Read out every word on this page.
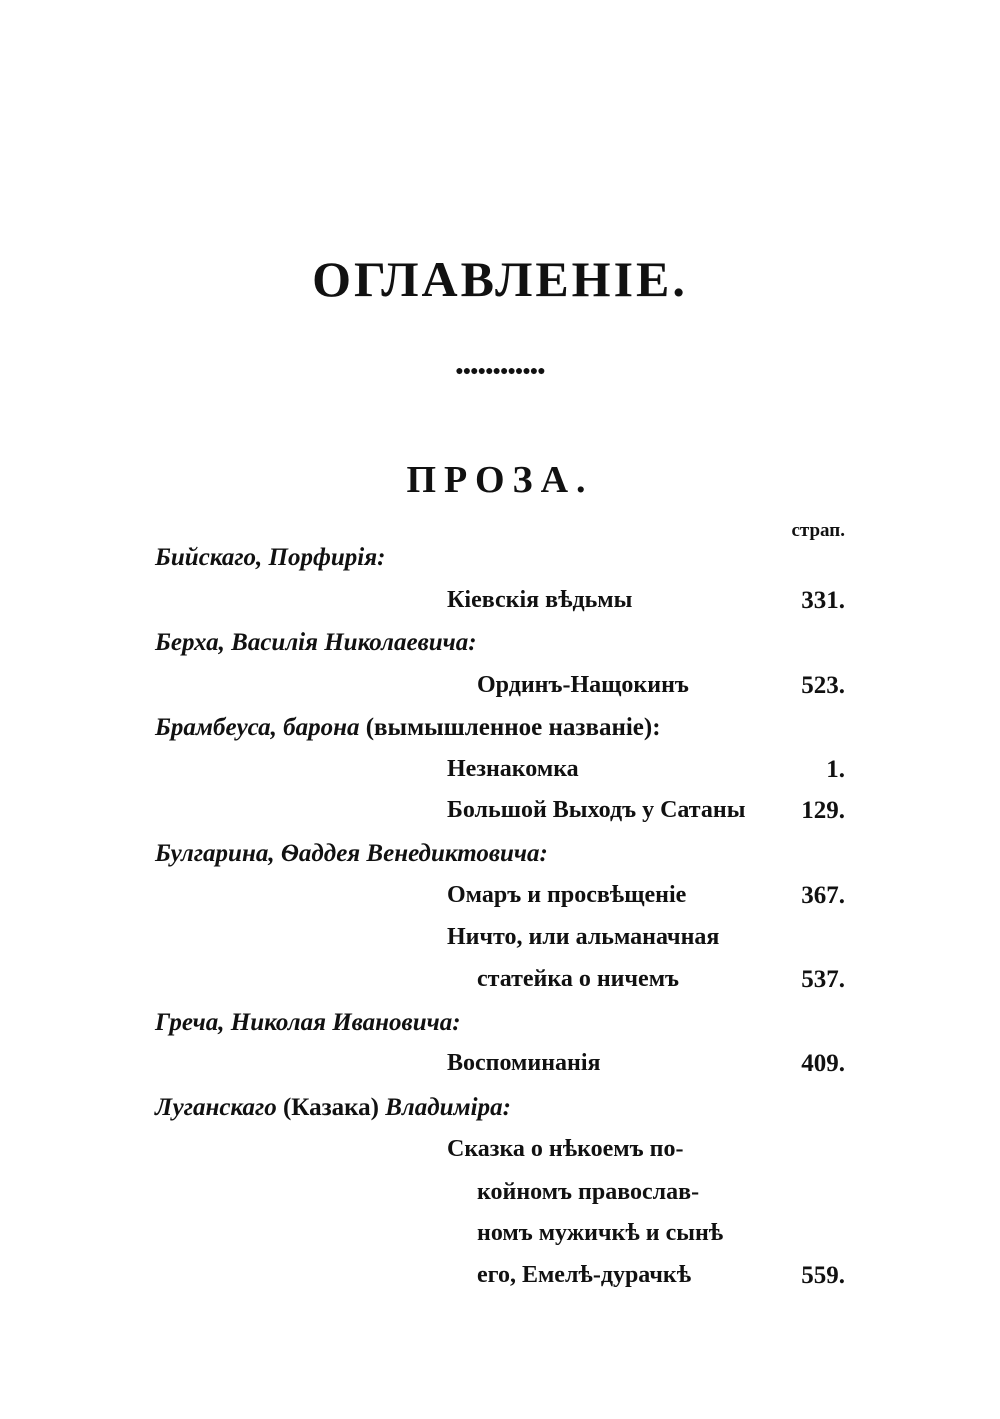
ОГЛАВЛЕНІЕ.
●●●●●●●●●●●●
ПРОЗА.
страп.
Бийскаго, Порфирія:
Кіевскія вѣдьмы	331.
Берха, Василія Николаевича:
Ординъ-Нащокинъ	523.
Брамбеуса, барона (вымышленное названіе):
Незнакомка	1.
Большой Выходъ у Сатаны 129.
Булгарина, Ѳаддея Венедиктовича:
Омаръ и просвѣщеніе	367.
Ничто, или альманачная
статейка о ничемъ	537.
Греча, Николая Ивановича:
Воспоминанія	409.
Луганскаго (Казака) Владиміра:
Сказка о нѣкоемъ по-
койномъ православ-
номъ мужичкѣ и сынѣ
его, Емелѣ-дурачкѣ	559.
